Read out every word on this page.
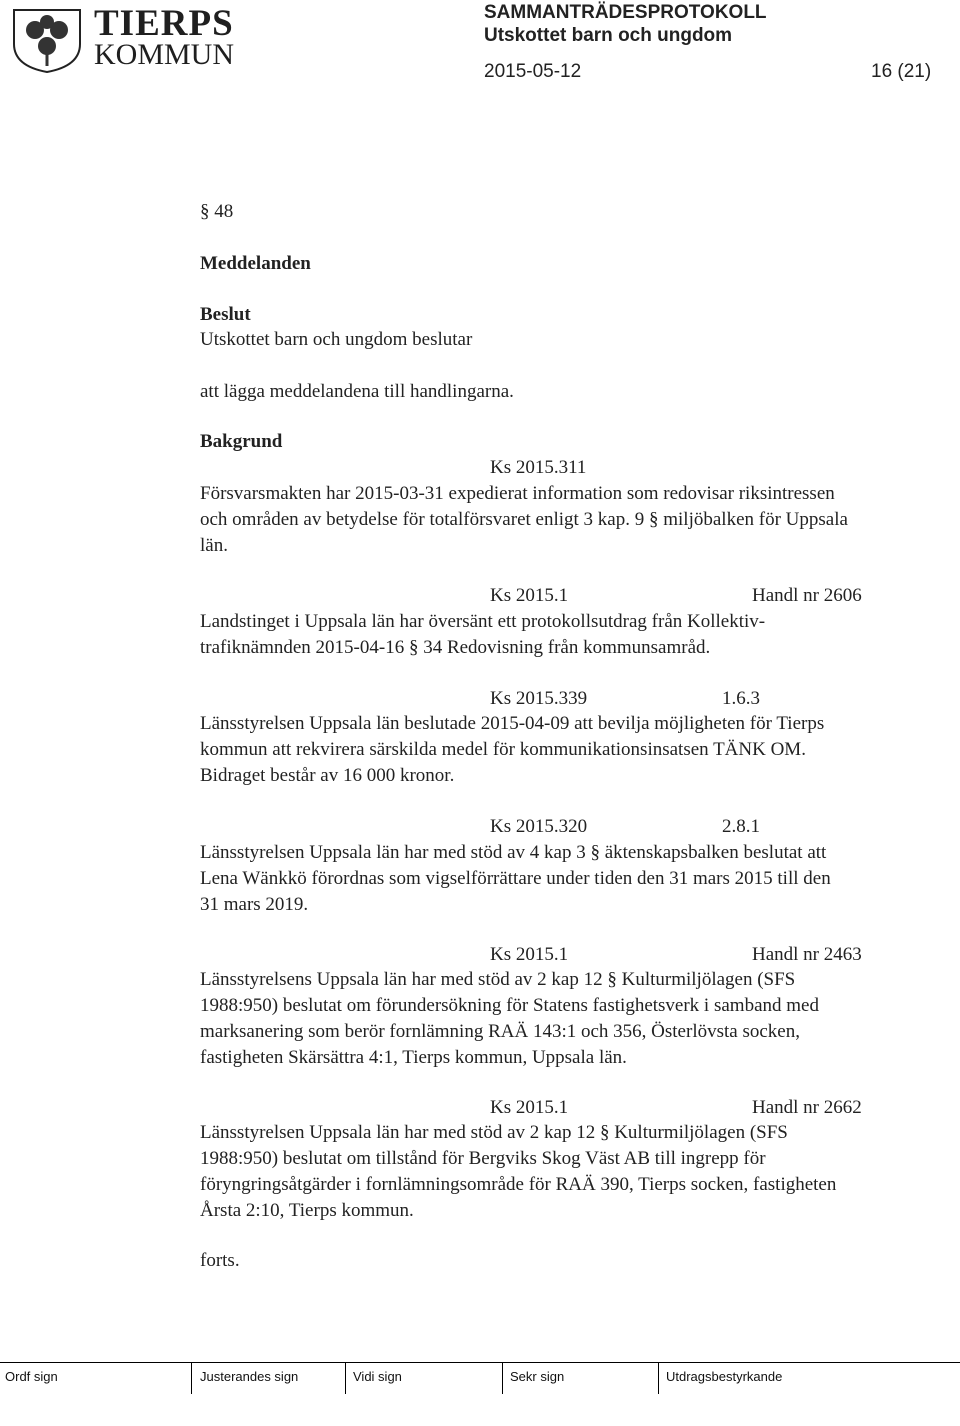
TIERPS
KOMMUN
SAMMANTRÄDESPROTOKOLL
Utskottet barn och ungdom
2015-05-12	16 (21)
§ 48
Meddelanden
Beslut
Utskottet barn och ungdom beslutar
att lägga meddelandena till handlingarna.
Bakgrund
Ks 2015.311
Försvarsmakten har 2015-03-31 expedierat information som redovisar riksintressen
och områden av betydelse för totalförsvaret enligt 3 kap. 9 § miljöbalken för Uppsala
län.
Ks 2015.1	Handl nr 2606
Landstinget i Uppsala län har översänt ett protokollsutdrag från Kollektiv-
trafiknämnden 2015-04-16 § 34 Redovisning från kommunsamråd.
Ks 2015.339	1.6.3
Länsstyrelsen Uppsala län beslutade 2015-04-09 att bevilja möjligheten för Tierps
kommun att rekvirera särskilda medel för kommunikationsinsatsen TÄNK OM.
Bidraget består av 16 000 kronor.
Ks 2015.320	2.8.1
Länsstyrelsen Uppsala län har med stöd av 4 kap 3 § äktenskapsbalken beslutat att
Lena Wänkkö förordnas som vigselförrättare under tiden den 31 mars 2015 till den
31 mars 2019.
Ks 2015.1	Handl nr 2463
Länsstyrelsens Uppsala län har med stöd av 2 kap 12 § Kulturmiljölagen (SFS
1988:950) beslutat om förundersökning för Statens fastighetsverk i samband med
marksanering som berör fornlämning RAÄ 143:1 och 356, Österlövsta socken,
fastigheten Skärsättra 4:1, Tierps kommun, Uppsala län.
Ks 2015.1	Handl nr 2662
Länsstyrelsen Uppsala län har med stöd av 2 kap 12 § Kulturmiljölagen (SFS
1988:950) beslutat om tillstånd för Bergviks Skog Väst AB till ingrepp för
föryngringsåtgärder i fornlämningsområde för RAÄ 390, Tierps socken, fastigheten
Årsta 2:10, Tierps kommun.
forts.
Ordf sign	Justerandes sign	Vidi sign	Sekr sign	Utdragsbestyrkande
